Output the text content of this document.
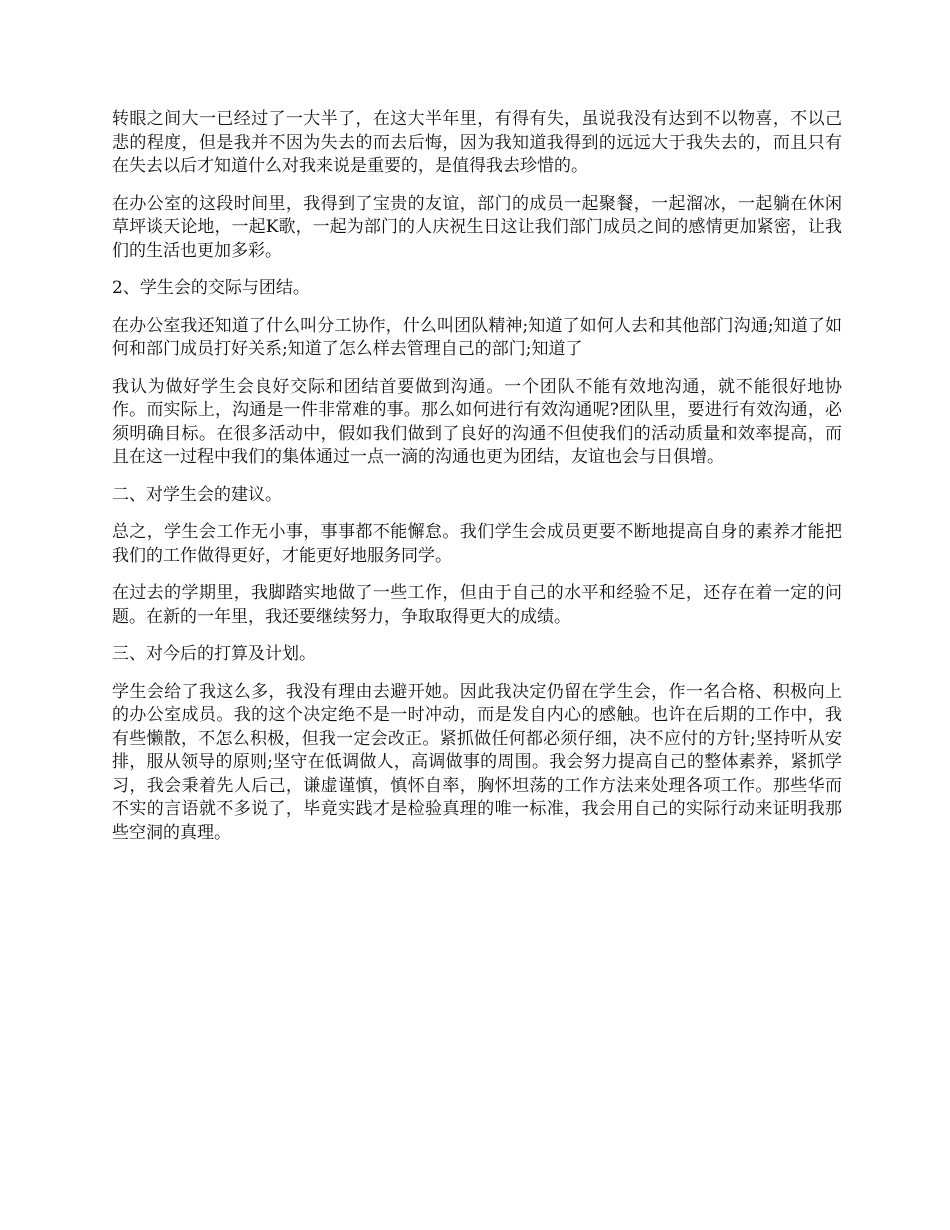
转眼之间大一已经过了一大半了，在这大半年里，有得有失，虽说我没有达到不以物喜，不以己悲的程度，但是我并不因为失去的而去后悔，因为我知道我得到的远远大于我失去的，而且只有在失去以后才知道什么对我来说是重要的，是值得我去珍惜的。

在办公室的这段时间里，我得到了宝贵的友谊，部门的成员一起聚餐，一起溜冰，一起躺在休闲草坪谈天论地，一起K歌，一起为部门的人庆祝生日这让我们部门成员之间的感情更加紧密，让我们的生活也更加多彩。

2、学生会的交际与团结。

在办公室我还知道了什么叫分工协作，什么叫团队精神;知道了如何人去和其他部门沟通;知道了如何和部门成员打好关系;知道了怎么样去管理自己的部门;知道了

我认为做好学生会良好交际和团结首要做到沟通。一个团队不能有效地沟通，就不能很好地协作。而实际上，沟通是一件非常难的事。那么如何进行有效沟通呢?团队里，要进行有效沟通，必须明确目标。在很多活动中，假如我们做到了良好的沟通不但使我们的活动质量和效率提高，而且在这一过程中我们的集体通过一点一滴的沟通也更为团结，友谊也会与日俱增。

二、对学生会的建议。

总之，学生会工作无小事，事事都不能懈怠。我们学生会成员更要不断地提高自身的素养才能把我们的工作做得更好，才能更好地服务同学。

在过去的学期里，我脚踏实地做了一些工作，但由于自己的水平和经验不足，还存在着一定的问题。在新的一年里，我还要继续努力，争取取得更大的成绩。

三、对今后的打算及计划。

学生会给了我这么多，我没有理由去避开她。因此我决定仍留在学生会，作一名合格、积极向上的办公室成员。我的这个决定绝不是一时冲动，而是发自内心的感触。也许在后期的工作中，我有些懒散，不怎么积极，但我一定会改正。紧抓做任何都必须仔细，决不应付的方针;坚持听从安排，服从领导的原则;坚守在低调做人，高调做事的周围。我会努力提高自己的整体素养，紧抓学习，我会秉着先人后己，谦虚谨慎，慎怀自率，胸怀坦荡的工作方法来处理各项工作。那些华而不实的言语就不多说了，毕竟实践才是检验真理的唯一标准，我会用自己的实际行动来证明我那些空洞的真理。
